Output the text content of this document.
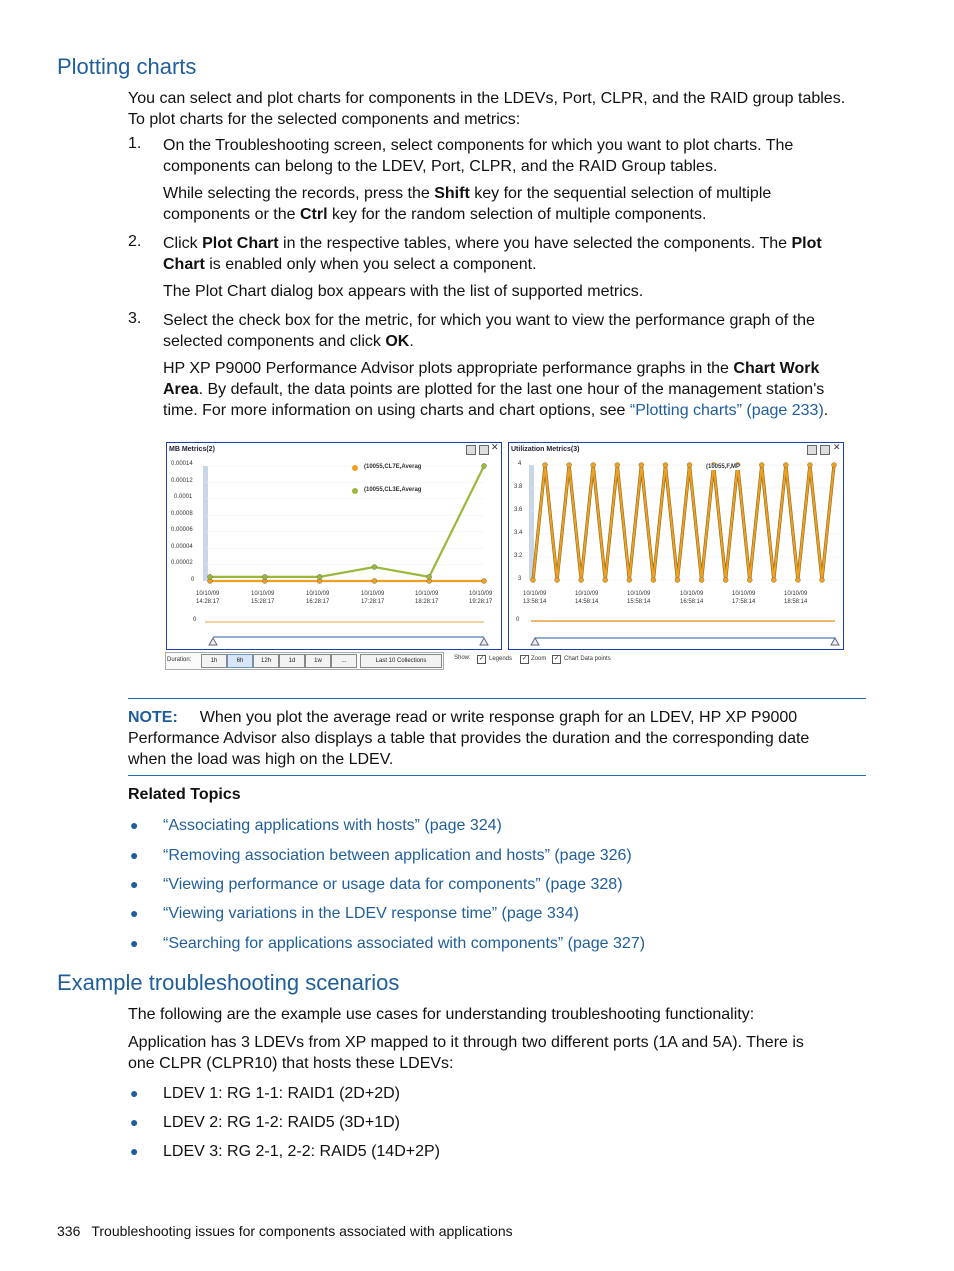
Plotting charts

You can select and plot charts for components in the LDEVs, Port, CLPR, and the RAID group tables.

To plot charts for the selected components and metrics:

1. On the Troubleshooting screen, select components for which you want to plot charts. The

components can belong to the LDEV, Port, CLPR, and the RAID Group tables.

While selecting the records, press the Shift key for the sequential selection of multiple

components or the Ctrl key for the random selection of multiple components.

2. Click Plot Chart in the respective tables, where you have selected the components. The Plot

Chart is enabled only when you select a component.

The Plot Chart dialog box appears with the list of supported metrics.

3. Select the check box for the metric, for which you want to view the performance graph of the

selected components and click OK.

HP XP P9000 Performance Advisor plots appropriate performance graphs in the Chart Work

Area. By default, the data points are plotted for the last one hour of the management station's

time. For more information on using charts and chart options, see “Plotting charts” (page 233).

MB Metrics(2)	Utilization Metrics(3)
✕	✕
0.00014
0.00012
0.0001
0.00008
0.00006
0.00004
0.00002
0
4
3.8
3.6
3.4
3.2
3
10/10/09
14:28:17
10/10/09
15:28:17
10/10/09
16:28:17
10/10/09
17:28:17
10/10/09
18:28:17
10/10/09
19:28:17
10/10/09
13:58:14
10/10/09
14:58:14
10/10/09
15:58:14
10/10/09
16:58:14
10/10/09
17:58:14
10/10/09
18:58:14
(10055,CL7E,Averag
(10055,CL3E,Averag
(10055,F,MP
0	0
Duration:	1h	6h	12h	1d	1w	...	Last 10 Collections	Show:	✓ Legends	✓ Zoom	✓ Chart Data points

NOTE: When you plot the average read or write response graph for an LDEV, HP XP P9000

Performance Advisor also displays a table that provides the duration and the corresponding date

when the load was high on the LDEV.

Related Topics

● “Associating applications with hosts” (page 324)
● “Removing association between application and hosts” (page 326)
● “Viewing performance or usage data for components” (page 328)
● “Viewing variations in the LDEV response time” (page 334)
● “Searching for applications associated with components” (page 327)
Example troubleshooting scenarios

The following are the example use cases for understanding troubleshooting functionality:

Application has 3 LDEVs from XP mapped to it through two different ports (1A and 5A). There is

one CLPR (CLPR10) that hosts these LDEVs:

● LDEV 1: RG 1-1: RAID1 (2D+2D)

● LDEV 2: RG 1-2: RAID5 (3D+1D)

● LDEV 3: RG 2-1, 2-2: RAID5 (14D+2P)

336 Troubleshooting issues for components associated with applications
